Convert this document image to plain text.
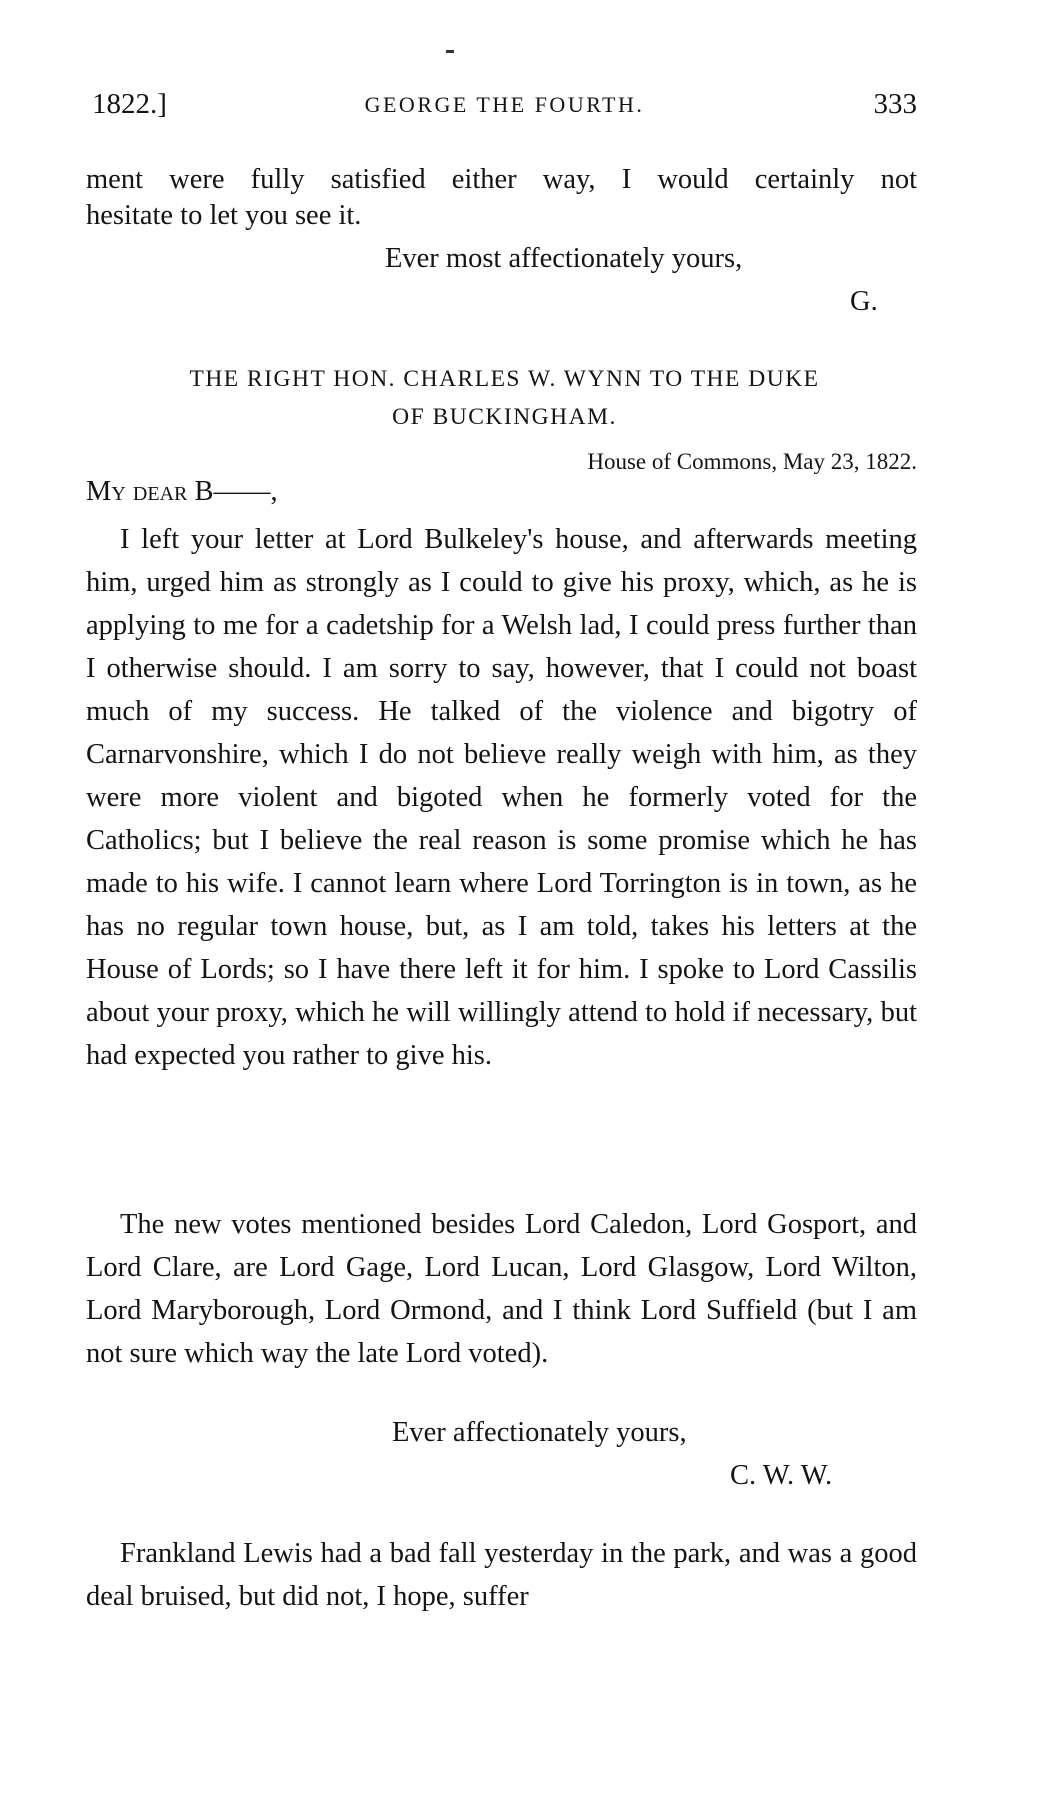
1822.]	GEORGE THE FOURTH.	333
ment were fully satisfied either way, I would certainly not
hesitate to let you see it.
Ever most affectionately yours,
G.
THE RIGHT HON. CHARLES W. WYNN TO THE DUKE
OF BUCKINGHAM.
House of Commons, May 23, 1822.
My dear B——,
I left your letter at Lord Bulkeley's house, and afterwards meeting him, urged him as strongly as I could to give his proxy, which, as he is applying to me for a cadetship for a Welsh lad, I could press further than I otherwise should. I am sorry to say, however, that I could not boast much of my success. He talked of the violence and bigotry of Carnarvonshire, which I do not believe really weigh with him, as they were more violent and bigoted when he formerly voted for the Catholics; but I believe the real reason is some promise which he has made to his wife. I cannot learn where Lord Torrington is in town, as he has no regular town house, but, as I am told, takes his letters at the House of Lords; so I have there left it for him. I spoke to Lord Cassilis about your proxy, which he will willingly attend to hold if necessary, but had expected you rather to give his.
The new votes mentioned besides Lord Caledon, Lord Gosport, and Lord Clare, are Lord Gage, Lord Lucan, Lord Glasgow, Lord Wilton, Lord Maryborough, Lord Ormond, and I think Lord Suffield (but I am not sure which way the late Lord voted).
Ever affectionately yours,
C. W. W.
Frankland Lewis had a bad fall yesterday in the park, and was a good deal bruised, but did not, I hope, suffer
